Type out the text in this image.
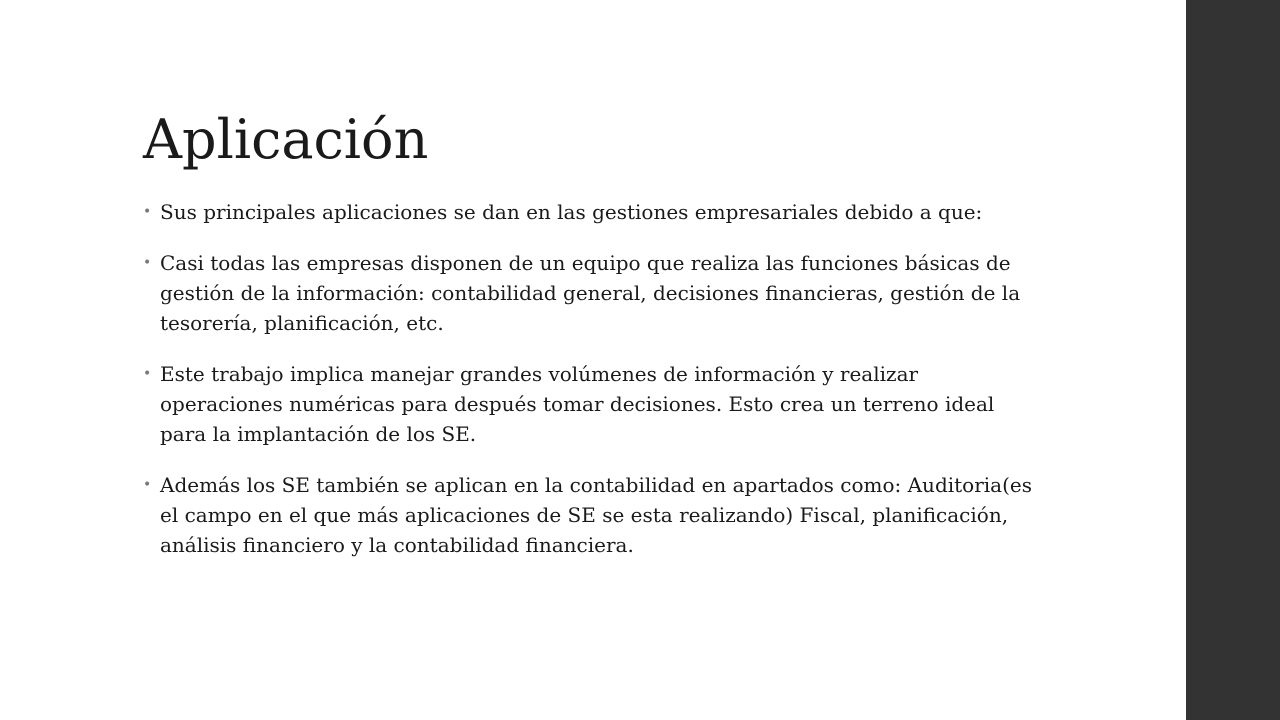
Aplicación
• Sus principales aplicaciones se dan en las gestiones empresariales debido a que:
• Casi todas las empresas disponen de un equipo que realiza las funciones básicas de gestión de la información: contabilidad general, decisiones financieras, gestión de la tesorería, planificación, etc.
• Este trabajo implica manejar grandes volúmenes de información y realizar operaciones numéricas para después tomar decisiones. Esto crea un terreno ideal para la implantación de los SE.
• Además los SE también se aplican en la contabilidad en apartados como: Auditoria(es el campo en el que más aplicaciones de SE se esta realizando) Fiscal, planificación, análisis financiero y la contabilidad financiera.
